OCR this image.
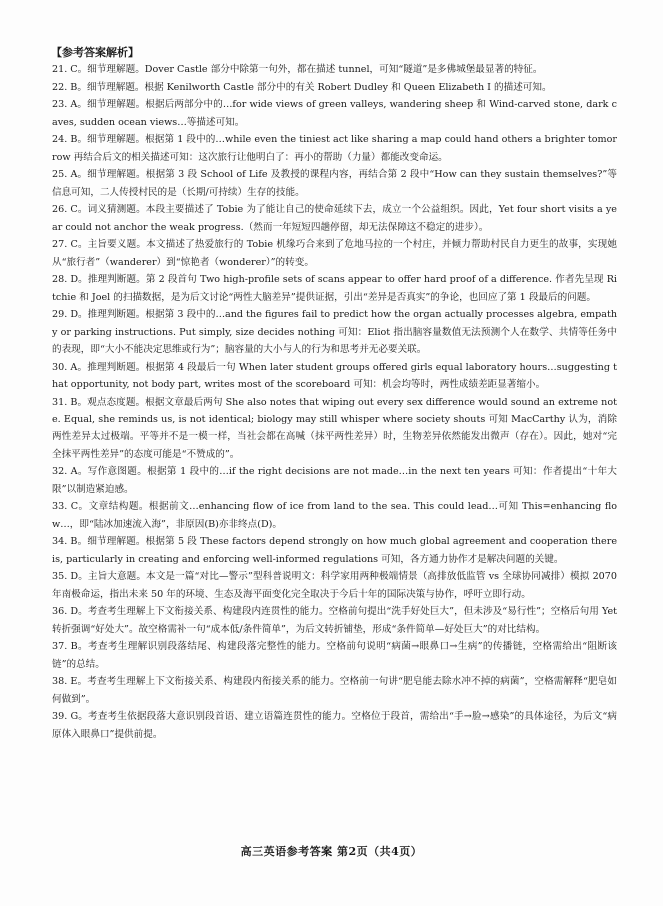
【参考答案解析】
21. C。细节理解题。Dover Castle 部分中除第一句外，都在描述 tunnel，可知“隧道”是多佛城堡最显著的特征。
22. B。细节理解题。根据 Kenilworth Castle 部分中的有关 Robert Dudley 和 Queen Elizabeth I 的描述可知。
23. A。细节理解题。根据后两部分中的…for wide views of green valleys, wandering sheep 和 Wind-carved stone, dark caves, sudden ocean views…等描述可知。
24. B。细节理解题。根据第 1 段中的…while even the tiniest act like sharing a map could hand others a brighter tomorrow 再结合后文的相关描述可知：这次旅行让他明白了：再小的帮助（力量）都能改变命运。
25. A。细节理解题。根据第 3 段 School of Life 及教授的课程内容，再结合第 2 段中“How can they sustain themselves?”等信息可知，二人传授村民的是（长期/可持续）生存的技能。
26. C。词义猜测题。本段主要描述了 Tobie 为了能让自己的使命延续下去，成立一个公益组织。因此，Yet four short visits a year could not anchor the weak progress.（然而一年短短四趟停留，却无法保障这不稳定的进步）。
27. C。主旨要义题。本文描述了热爱旅行的 Tobie 机缘巧合来到了危地马拉的一个村庄，并倾力帮助村民自力更生的故事，实现她从“旅行者”（wanderer）到“惊艳者（wonderer）”的转变。
28. D。推理判断题。第 2 段首句 Two high-profile sets of scans appear to offer hard proof of a difference. 作者先呈现 Ritchie 和 Joel 的扫描数据，是为后文讨论“两性大脑差异”提供证据，引出“差异是否真实”的争论，也回应了第 1 段最后的问题。
29. D。推理判断题。根据第 3 段中的…and the figures fail to predict how the organ actually processes algebra, empathy or parking instructions. Put simply, size decides nothing 可知：Eliot 指出脑容量数值无法预测个人在数学、共情等任务中的表现，即“大小不能决定思维或行为”；脑容量的大小与人的行为和思考并无必要关联。
30. A。推理判断题。根据第 4 段最后一句 When later student groups offered girls equal laboratory hours…suggesting that opportunity, not body part, writes most of the scoreboard 可知：机会均等时，两性成绩差距显著缩小。
31. B。观点态度题。根据文章最后两句 She also notes that wiping out every sex difference would sound an extreme note. Equal, she reminds us, is not identical; biology may still whisper where society shouts 可知 MacCarthy 认为，消除两性差异太过极端。平等并不是一模一样，当社会都在高喊（抹平两性差异）时，生物差异依然能发出微声（存在）。因此，她对“完全抹平两性差异”的态度可能是“不赞成的”。
32. A。写作意图题。根据第 1 段中的…if the right decisions are not made…in the next ten years 可知：作者提出“十年大限”以制造紧迫感。
33. C。文章结构题。根据前文…enhancing flow of ice from land to the sea. This could lead…可知 This=enhancing flow…，即“陆冰加速流入海”，非原因(B)亦非终点(D)。
34. B。细节理解题。根据第 5 段 These factors depend strongly on how much global agreement and cooperation there is, particularly in creating and enforcing well-informed regulations 可知，各方通力协作才是解决问题的关键。
35. D。主旨大意题。本文是一篇“对比—警示”型科普说明文：科学家用两种极端情景（高排放低监管 vs 全球协同减排）模拟 2070 年南极命运，指出未来 50 年的环境、生态及海平面变化完全取决于今后十年的国际决策与协作，呼吁立即行动。
36. D。考查考生理解上下文衔接关系、构建段内连贯性的能力。空格前句提出“洗手好处巨大”，但未涉及“易行性”；空格后句用 Yet 转折强调“好处大”。故空格需补一句“成本低/条件简单”，为后文转折铺垫，形成“条件简单—好处巨大”的对比结构。
37. B。考查考生理解识别段落结尾、构建段落完整性的能力。空格前句说明“病菌→眼鼻口→生病”的传播链，空格需给出“阻断该链”的总结。
38. E。考查考生理解上下文衔接关系、构建段内衔接关系的能力。空格前一句讲“肥皂能去除水冲不掉的病菌”，空格需解释“肥皂如何做到”。
39. G。考查考生依据段落大意识别段首语、建立语篇连贯性的能力。空格位于段首，需给出“手→脸→感染”的具体途径，为后文“病原体入眼鼻口”提供前提。
高三英语参考答案 第2页（共4页）
